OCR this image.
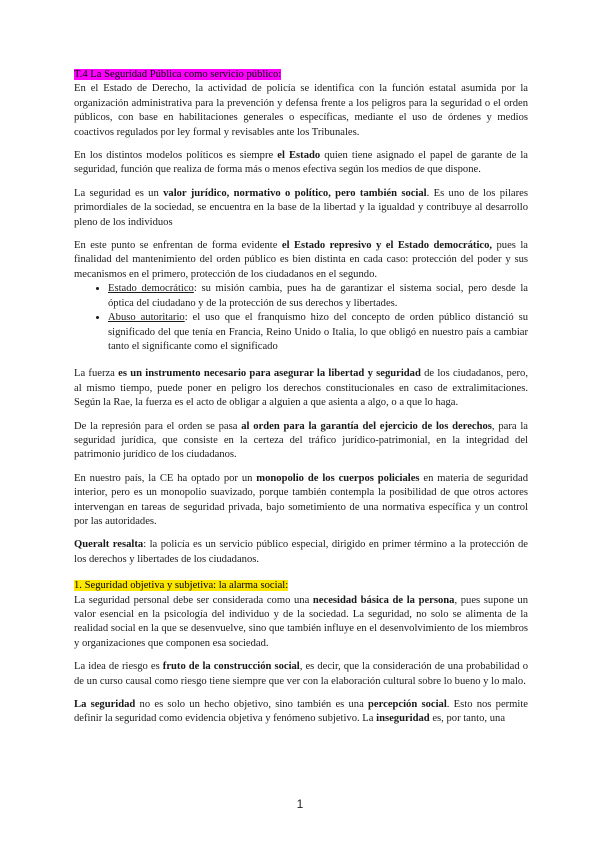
T.4 La Seguridad Pública como servicio público:

En el Estado de Derecho, la actividad de policía se identifica con la función estatal asumida por la organización administrativa para la prevención y defensa frente a los peligros para la seguridad o el orden públicos, con base en habilitaciones generales o específicas, mediante el uso de órdenes y medios coactivos regulados por ley formal y revisables ante los Tribunales.

En los distintos modelos políticos es siempre el Estado quien tiene asignado el papel de garante de la seguridad, función que realiza de forma más o menos efectiva según los medios de que dispone.

La seguridad es un valor jurídico, normativo o político, pero también social. Es uno de los pilares primordiales de la sociedad, se encuentra en la base de la libertad y la igualdad y contribuye al desarrollo pleno de los individuos

En este punto se enfrentan de forma evidente el Estado represivo y el Estado democrático, pues la finalidad del mantenimiento del orden público es bien distinta en cada caso: protección del poder y sus mecanismos en el primero, protección de los ciudadanos en el segundo.

• Estado democrático: su misión cambia, pues ha de garantizar el sistema social, pero desde la óptica del ciudadano y de la protección de sus derechos y libertades.
• Abuso autoritario: el uso que el franquismo hizo del concepto de orden público distanció su significado del que tenía en Francia, Reino Unido o Italia, lo que obligó en nuestro país a cambiar tanto el significante como el significado

La fuerza es un instrumento necesario para asegurar la libertad y seguridad de los ciudadanos, pero, al mismo tiempo, puede poner en peligro los derechos constitucionales en caso de extralimitaciones. Según la Rae, la fuerza es el acto de obligar a alguien a que asienta a algo, o a que lo haga.

De la represión para el orden se pasa al orden para la garantía del ejercicio de los derechos, para la seguridad jurídica, que consiste en la certeza del tráfico jurídico-patrimonial, en la integridad del patrimonio jurídico de los ciudadanos.

En nuestro país, la CE ha optado por un monopolio de los cuerpos policiales en materia de seguridad interior, pero es un monopolio suavizado, porque también contempla la posibilidad de que otros actores intervengan en tareas de seguridad privada, bajo sometimiento de una normativa específica y un control por las autoridades.

Queralt resalta: la policía es un servicio público especial, dirigido en primer término a la protección de los derechos y libertades de los ciudadanos.

1. Seguridad objetiva y subjetiva: la alarma social:

La seguridad personal debe ser considerada como una necesidad básica de la persona, pues supone un valor esencial en la psicología del individuo y de la sociedad. La seguridad, no solo se alimenta de la realidad social en la que se desenvuelve, sino que también influye en el desenvolvimiento de los miembros y organizaciones que componen esa sociedad.

La idea de riesgo es fruto de la construcción social, es decir, que la consideración de una probabilidad o de un curso causal como riesgo tiene siempre que ver con la elaboración cultural sobre lo bueno y lo malo.

La seguridad no es solo un hecho objetivo, sino también es una percepción social. Esto nos permite definir la seguridad como evidencia objetiva y fenómeno subjetivo. La inseguridad es, por tanto, una

1
